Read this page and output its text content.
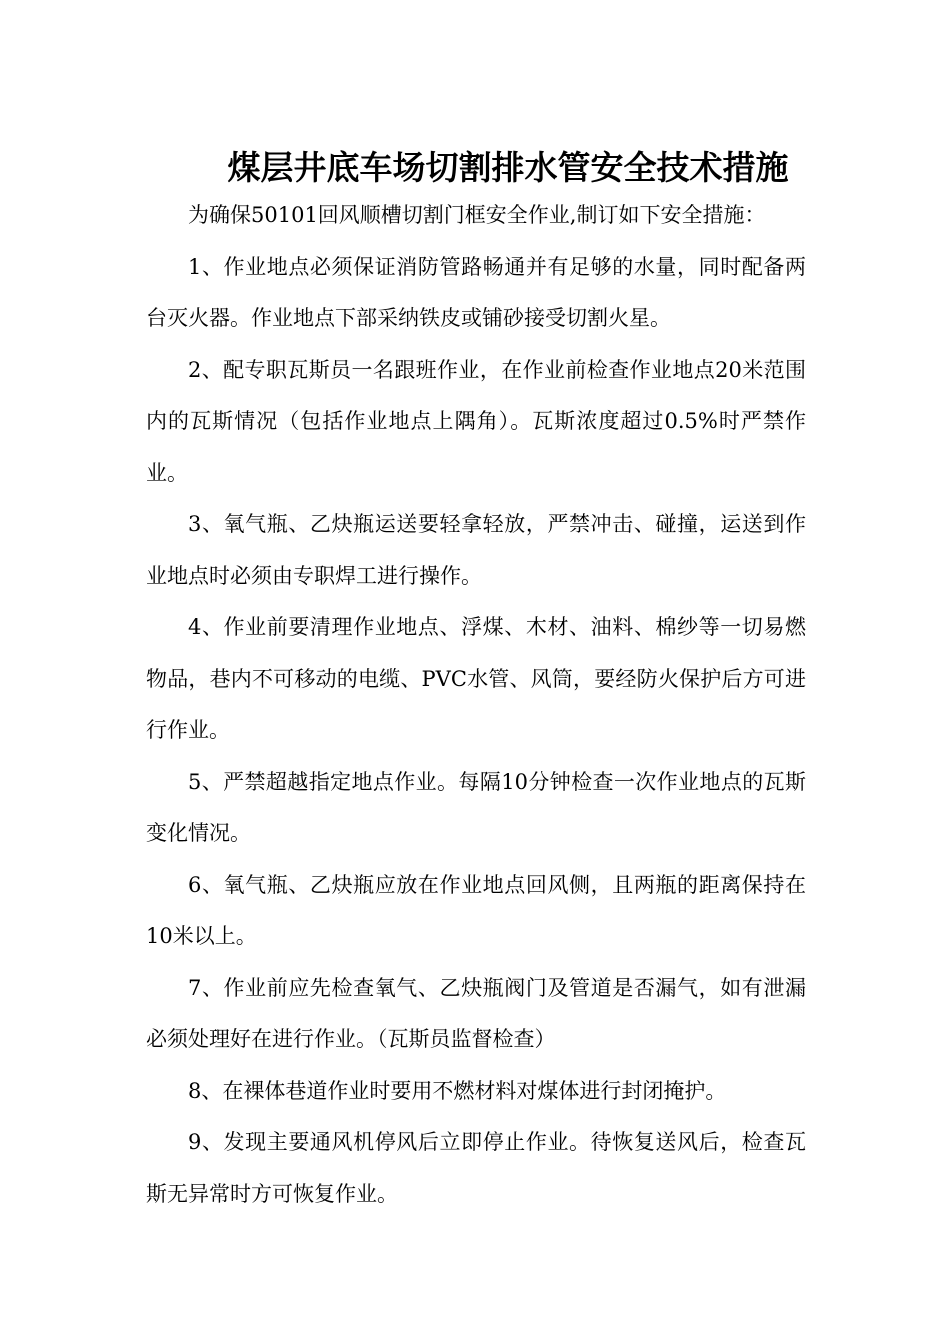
煤层井底车场切割排水管安全技术措施

为确保50101回风顺槽切割门框安全作业,制订如下安全措施：

1、作业地点必须保证消防管路畅通并有足够的水量，同时配备两台灭火器。作业地点下部采纳铁皮或铺砂接受切割火星。

2、配专职瓦斯员一名跟班作业，在作业前检查作业地点20米范围内的瓦斯情况（包括作业地点上隅角）。瓦斯浓度超过0.5%时严禁作业。

3、氧气瓶、乙炔瓶运送要轻拿轻放，严禁冲击、碰撞，运送到作业地点时必须由专职焊工进行操作。

4、作业前要清理作业地点、浮煤、木材、油料、棉纱等一切易燃物品，巷内不可移动的电缆、PVC水管、风筒，要经防火保护后方可进行作业。

5、严禁超越指定地点作业。每隔10分钟检查一次作业地点的瓦斯变化情况。

6、氧气瓶、乙炔瓶应放在作业地点回风侧，且两瓶的距离保持在10米以上。

7、作业前应先检查氧气、乙炔瓶阀门及管道是否漏气，如有泄漏必须处理好在进行作业。（瓦斯员监督检查）

8、在裸体巷道作业时要用不燃材料对煤体进行封闭掩护。

9、发现主要通风机停风后立即停止作业。待恢复送风后，检查瓦斯无异常时方可恢复作业。
